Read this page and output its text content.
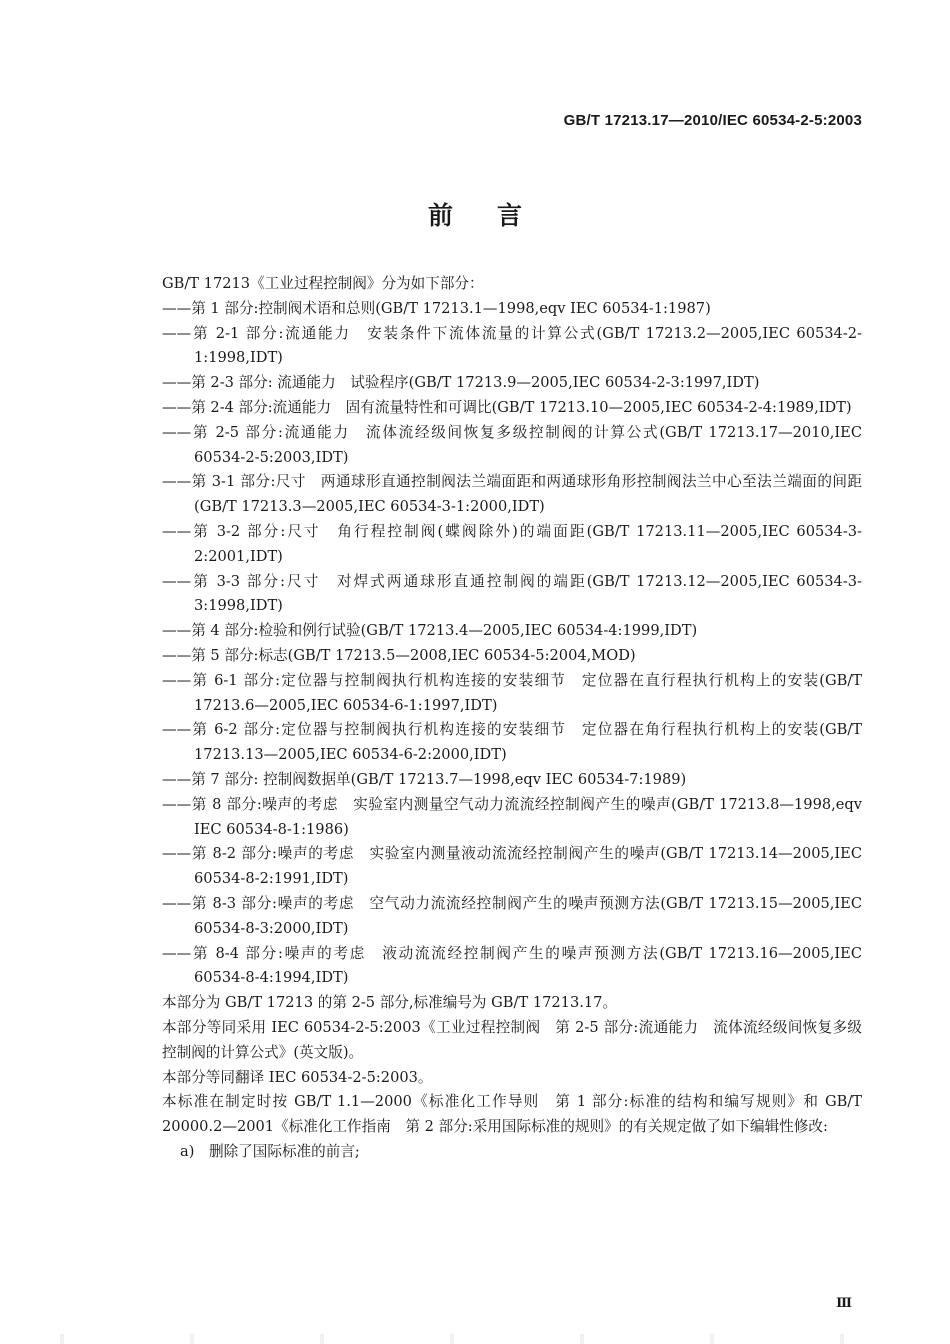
GB/T 17213.17—2010/IEC 60534-2-5:2003
前言

GB/T 17213《工业过程控制阀》分为如下部分：

——第 1 部分:控制阀术语和总则(GB/T 17213.1—1998,eqv IEC 60534-1:1987)

——第 2-1 部分:流通能力　安装条件下流体流量的计算公式(GB/T 17213.2—2005,IEC 60534-2-1:1998,IDT)

——第 2-3 部分: 流通能力　试验程序(GB/T 17213.9—2005,IEC 60534-2-3:1997,IDT)

——第 2-4 部分:流通能力　固有流量特性和可调比(GB/T 17213.10—2005,IEC 60534-2-4:1989,IDT)

——第 2-5 部分:流通能力　流体流经级间恢复多级控制阀的计算公式(GB/T 17213.17—2010,IEC 60534-2-5:2003,IDT)

——第 3-1 部分:尺寸　两通球形直通控制阀法兰端面距和两通球形角形控制阀法兰中心至法兰端面的间距(GB/T 17213.3—2005,IEC 60534-3-1:2000,IDT)

——第 3-2 部分:尺寸　角行程控制阀(蝶阀除外)的端面距(GB/T 17213.11—2005,IEC 60534-3-2:2001,IDT)

——第 3-3 部分:尺寸　对焊式两通球形直通控制阀的端距(GB/T 17213.12—2005,IEC 60534-3-3:1998,IDT)

——第 4 部分:检验和例行试验(GB/T 17213.4—2005,IEC 60534-4:1999,IDT)

——第 5 部分:标志(GB/T 17213.5—2008,IEC 60534-5:2004,MOD)

——第 6-1 部分:定位器与控制阀执行机构连接的安装细节　定位器在直行程执行机构上的安装(GB/T 17213.6—2005,IEC 60534-6-1:1997,IDT)

——第 6-2 部分:定位器与控制阀执行机构连接的安装细节　定位器在角行程执行机构上的安装(GB/T 17213.13—2005,IEC 60534-6-2:2000,IDT)

——第 7 部分: 控制阀数据单(GB/T 17213.7—1998,eqv IEC 60534-7:1989)

——第 8 部分:噪声的考虑　实验室内测量空气动力流流经控制阀产生的噪声(GB/T 17213.8—1998,eqv IEC 60534-8-1:1986)

——第 8-2 部分:噪声的考虑　实验室内测量液动流流经控制阀产生的噪声(GB/T 17213.14—2005,IEC 60534-8-2:1991,IDT)

——第 8-3 部分:噪声的考虑　空气动力流流经控制阀产生的噪声预测方法(GB/T 17213.15—2005,IEC 60534-8-3:2000,IDT)

——第 8-4 部分:噪声的考虑　液动流流经控制阀产生的噪声预测方法(GB/T 17213.16—2005,IEC 60534-8-4:1994,IDT)

本部分为 GB/T 17213 的第 2-5 部分,标准编号为 GB/T 17213.17。

本部分等同采用 IEC 60534-2-5:2003《工业过程控制阀　第 2-5 部分:流通能力　流体流经级间恢复多级控制阀的计算公式》(英文版)。

本部分等同翻译 IEC 60534-2-5:2003。

本标准在制定时按 GB/T 1.1—2000《标准化工作导则　第 1 部分:标准的结构和编写规则》和 GB/T 20000.2—2001《标准化工作指南　第 2 部分:采用国际标准的规则》的有关规定做了如下编辑性修改:

a)　删除了国际标准的前言;

Ⅲ
